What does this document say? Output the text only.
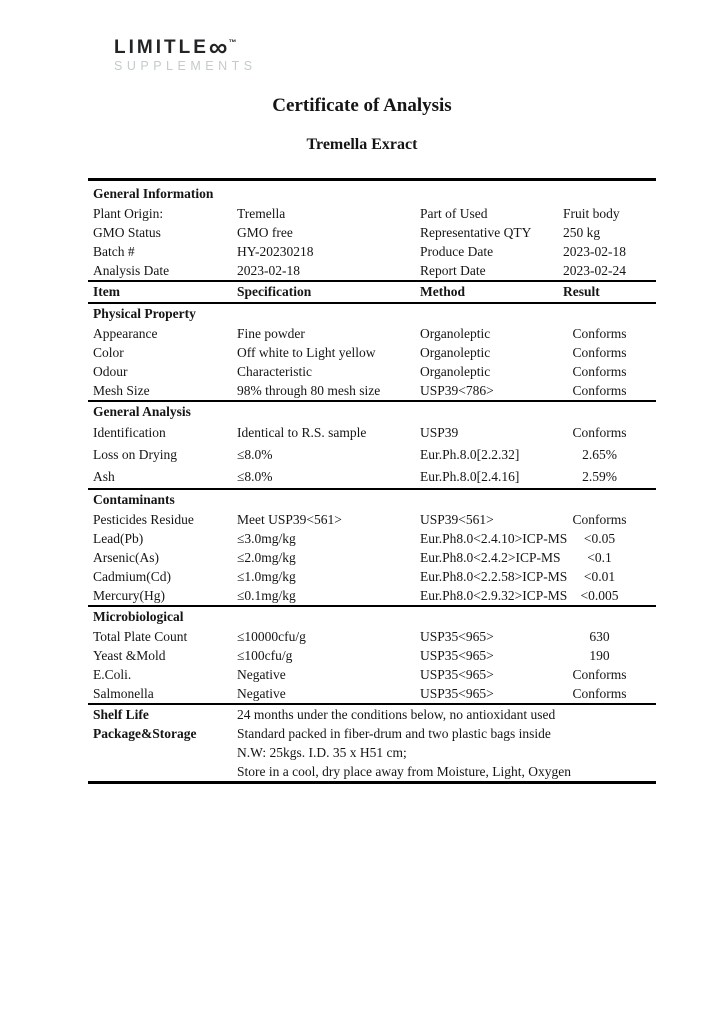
LIMITLE∞™
SUPPLEMENTS
Certificate of Analysis
Tremella Exract
General Information
Plant Origin:	Tremella	Part of Used	Fruit body
GMO Status	GMO free	Representative QTY	250 kg
Batch #	HY-20230218	Produce Date	2023-02-18
Analysis Date	2023-02-18	Report Date	2023-02-24
Item	Specification	Method	Result
Physical Property
Appearance	Fine powder	Organoleptic	Conforms
Color	Off white to Light yellow	Organoleptic	Conforms
Odour	Characteristic	Organoleptic	Conforms
Mesh Size	98% through 80 mesh size	USP39<786>	Conforms
General Analysis
Identification	Identical to R.S. sample	USP39	Conforms
Loss on Drying	≤8.0%	Eur.Ph.8.0[2.2.32]	2.65%
Ash	≤8.0%	Eur.Ph.8.0[2.4.16]	2.59%
Contaminants
Pesticides Residue	Meet USP39<561>	USP39<561>	Conforms
Lead(Pb)	≤3.0mg/kg	Eur.Ph8.0<2.4.10>ICP-MS	<0.05
Arsenic(As)	≤2.0mg/kg	Eur.Ph8.0<2.4.2>ICP-MS	<0.1
Cadmium(Cd)	≤1.0mg/kg	Eur.Ph8.0<2.2.58>ICP-MS	<0.01
Mercury(Hg)	≤0.1mg/kg	Eur.Ph8.0<2.9.32>ICP-MS <0.005
Microbiological
Total Plate Count	≤10000cfu/g	USP35<965>	630
Yeast &Mold	≤100cfu/g	USP35<965>	190
E.Coli.	Negative	USP35<965>	Conforms
Salmonella	Negative	USP35<965>	Conforms
Shelf Life	24 months under the conditions below, no antioxidant used
Package&Storage	Standard packed in fiber-drum and two plastic bags inside
N.W: 25kgs. I.D. 35 x H51 cm;
Store in a cool, dry place away from Moisture, Light, Oxygen
